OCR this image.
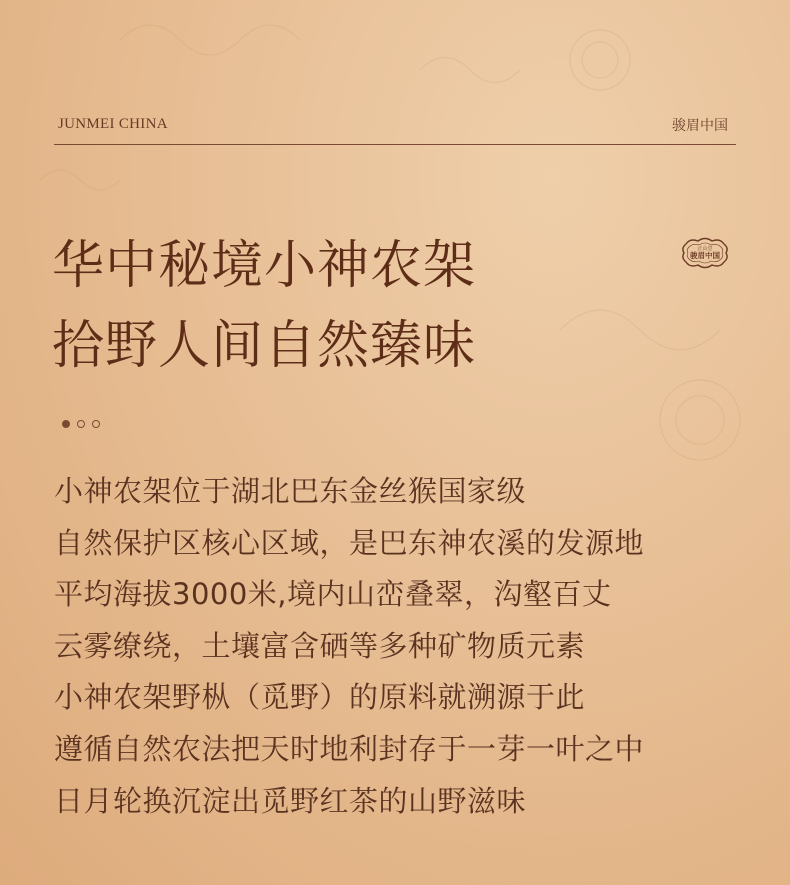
JUNMEI CHINA	骏眉中国
华中秘境小神农架
拾野人间自然臻味
正山堂
骏眉中国
小神农架位于湖北巴东金丝猴国家级
自然保护区核心区域，是巴东神农溪的发源地
平均海拔3000米,境内山峦叠翠，沟壑百丈
云雾缭绕，土壤富含硒等多种矿物质元素
小神农架野枞（觅野）的原料就溯源于此
遵循自然农法把天时地利封存于一芽一叶之中
日月轮换沉淀出觅野红茶的山野滋味
